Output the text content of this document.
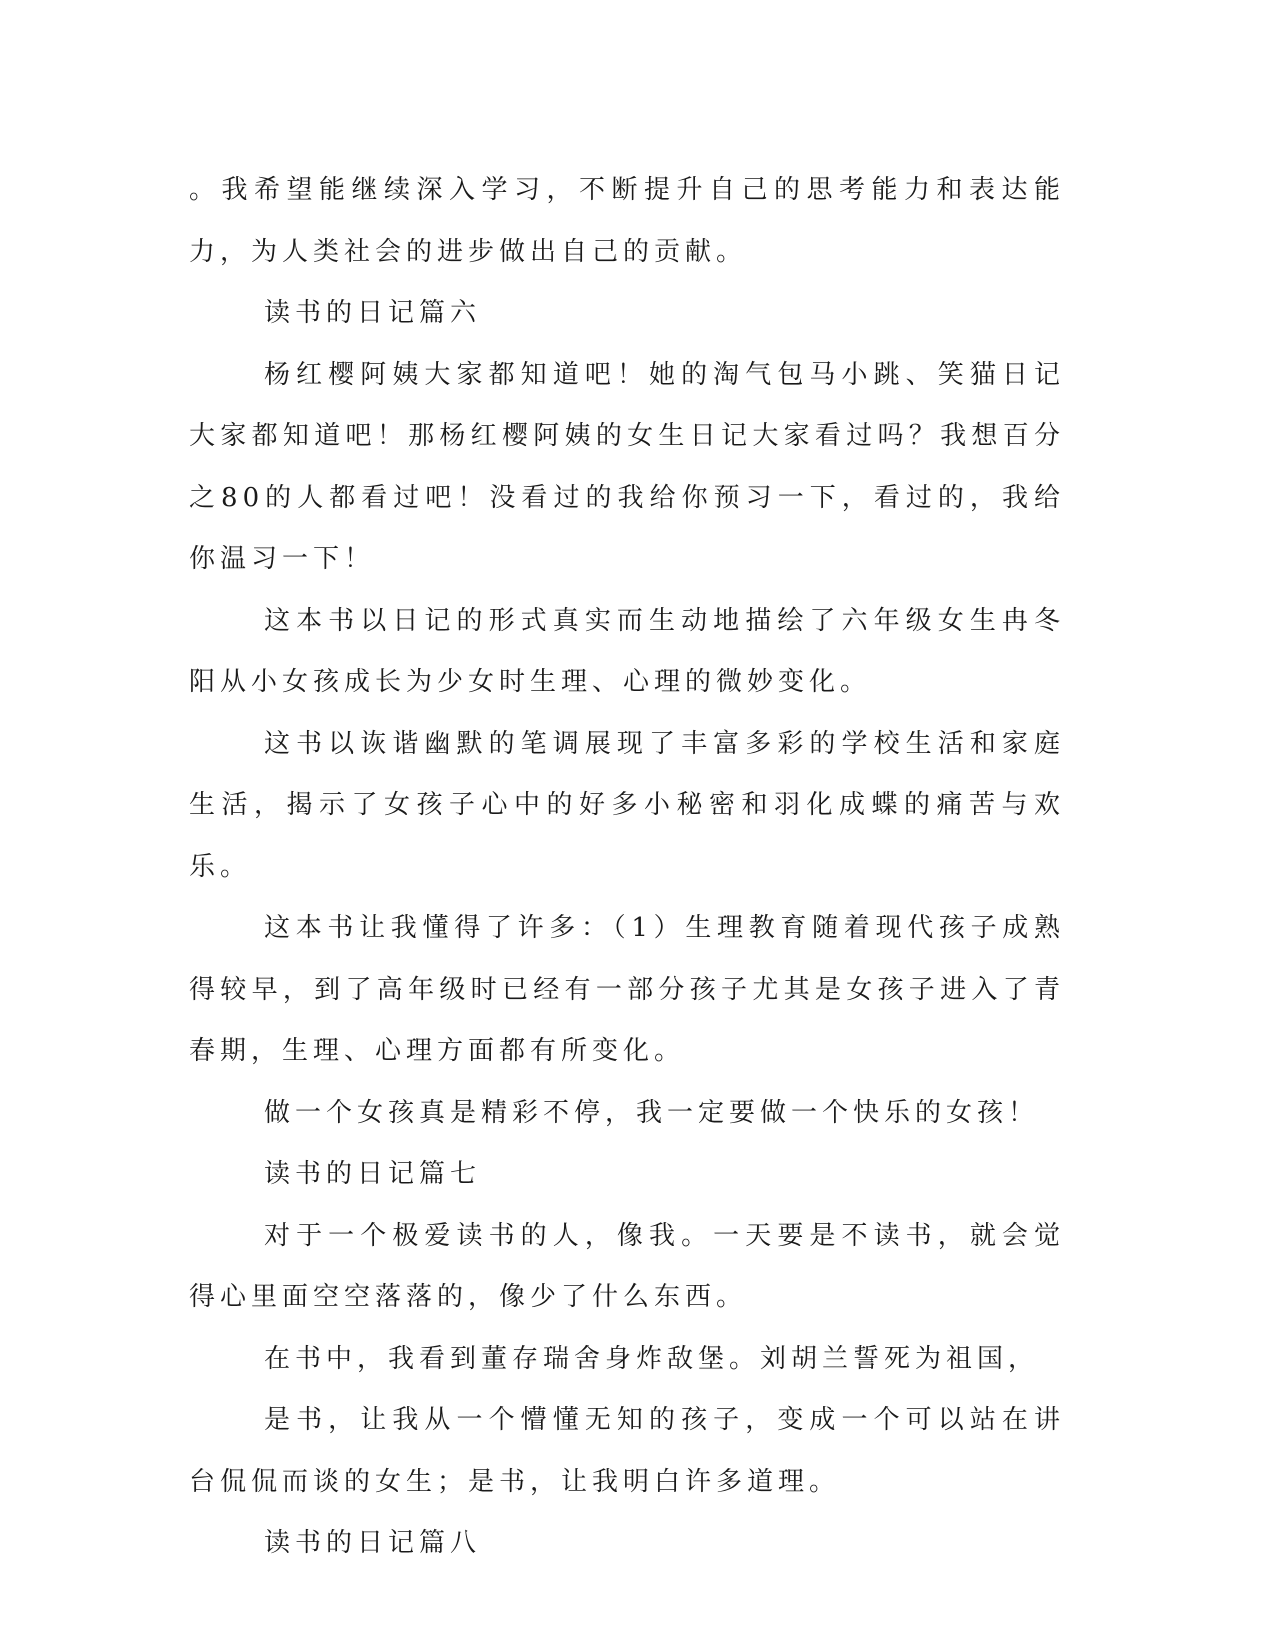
。我希望能继续深入学习，不断提升自己的思考能力和表达能力，为人类社会的进步做出自己的贡献。

读书的日记篇六

杨红樱阿姨大家都知道吧！她的淘气包马小跳、笑猫日记大家都知道吧！那杨红樱阿姨的女生日记大家看过吗？我想百分之80的人都看过吧！没看过的我给你预习一下，看过的，我给你温习一下！

这本书以日记的形式真实而生动地描绘了六年级女生冉冬阳从小女孩成长为少女时生理、心理的微妙变化。

这书以诙谐幽默的笔调展现了丰富多彩的学校生活和家庭生活，揭示了女孩子心中的好多小秘密和羽化成蝶的痛苦与欢乐。

这本书让我懂得了许多：（1）生理教育随着现代孩子成熟得较早，到了高年级时已经有一部分孩子尤其是女孩子进入了青春期，生理、心理方面都有所变化。

做一个女孩真是精彩不停，我一定要做一个快乐的女孩！

读书的日记篇七

对于一个极爱读书的人，像我。一天要是不读书，就会觉得心里面空空落落的，像少了什么东西。

在书中，我看到董存瑞舍身炸敌堡。刘胡兰誓死为祖国，

是书，让我从一个懵懂无知的孩子，变成一个可以站在讲台侃侃而谈的女生；是书，让我明白许多道理。

读书的日记篇八
